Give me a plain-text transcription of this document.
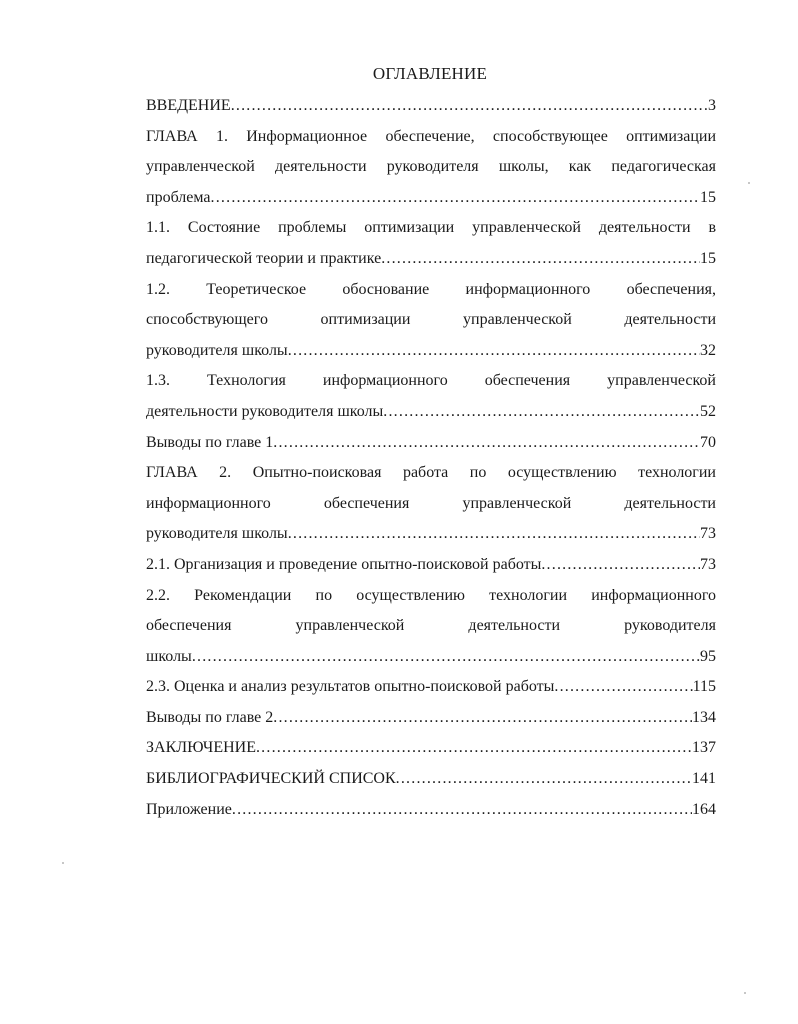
ОГЛАВЛЕНИЕ
ВВЕДЕНИЕ .....	3
ГЛАВА 1. Информационное обеспечение, способствующее оптимизации
управленческой деятельности руководителя школы, как педагогическая
проблема .....	15
1.1. Состояние проблемы оптимизации управленческой деятельности в
педагогической теории и практике .....	15
1.2. Теоретическое обоснование информационного обеспечения,
способствующего оптимизации управленческой деятельности
руководителя школы .....	32
1.3. Технология информационного обеспечения управленческой
деятельности руководителя школы .....	52
Выводы по главе 1 .....	70
ГЛАВА 2. Опытно-поисковая работа по осуществлению технологии
информационного обеспечения управленческой деятельности
руководителя школы .....	73
2.1. Организация и проведение опытно-поисковой работы .....	73
2.2. Рекомендации по осуществлению технологии информационного
обеспечения управленческой деятельности руководителя
школы .....	95
2.3. Оценка и анализ результатов опытно-поисковой работы .....	115
Выводы по главе 2 .....	134
ЗАКЛЮЧЕНИЕ .....	137
БИБЛИОГРАФИЧЕСКИЙ СПИСОК .....	141
Приложение .....	164
